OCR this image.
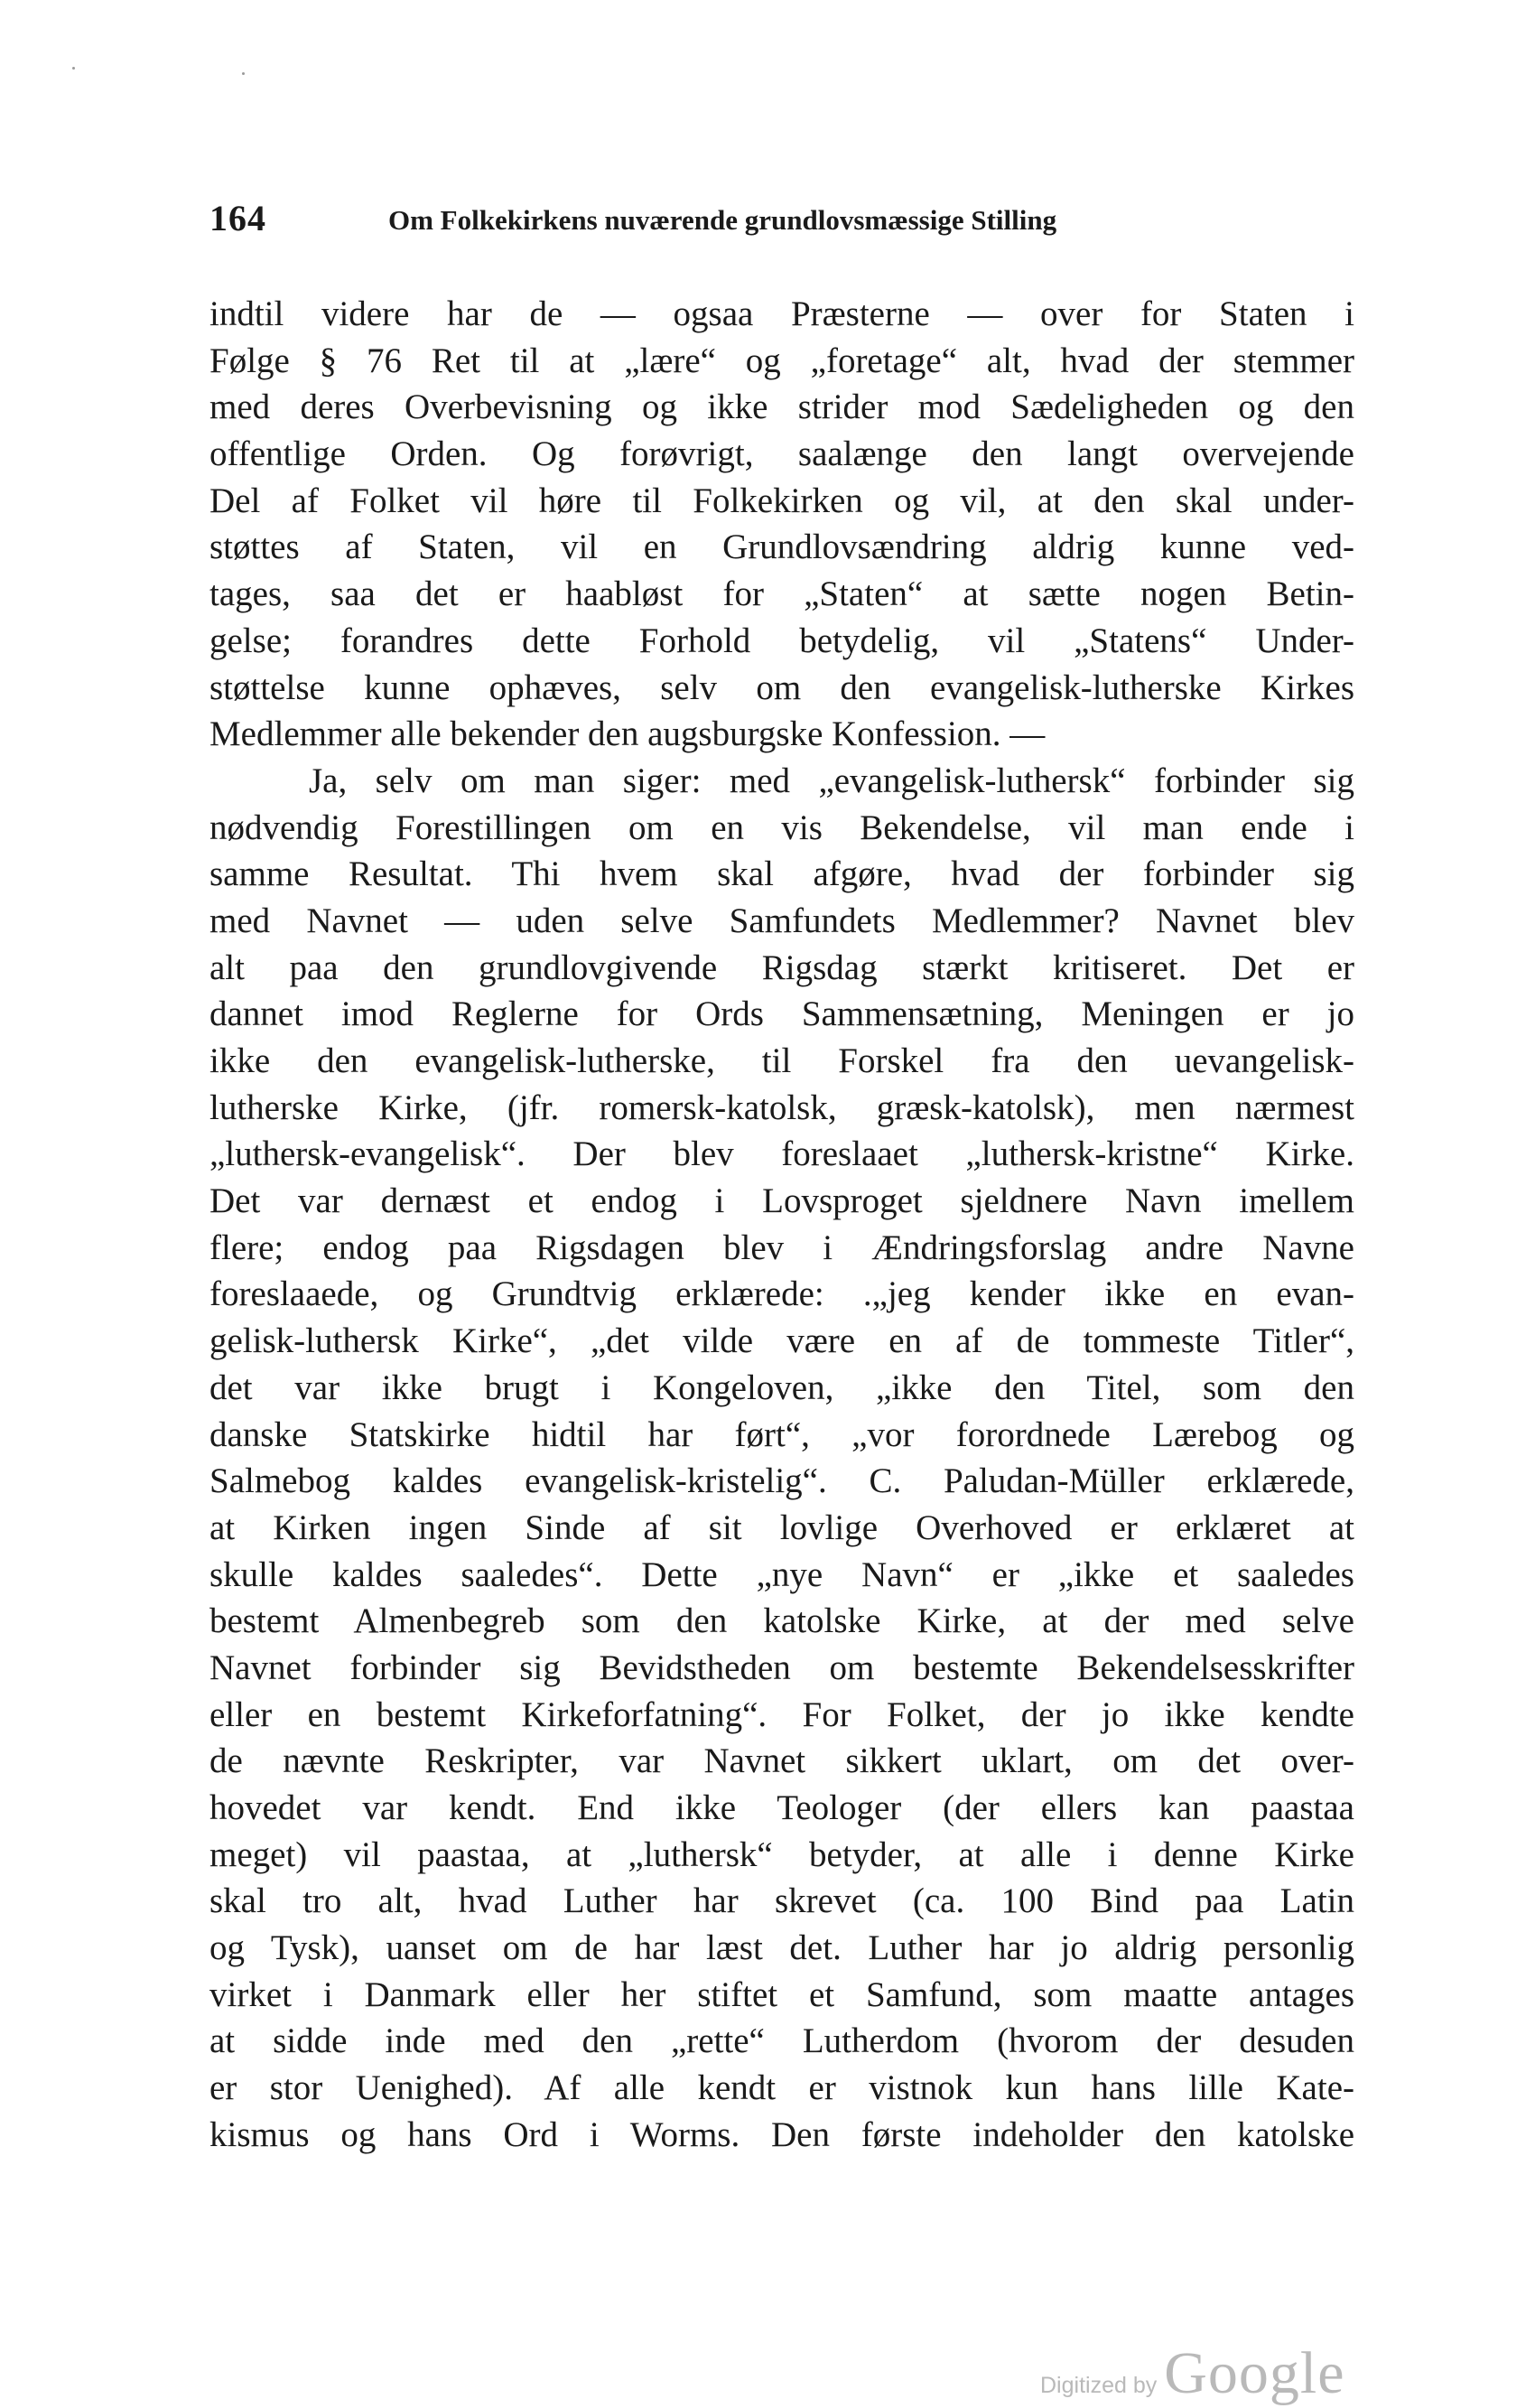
164	Om Folkekirkens nuværende grundlovsmæssige Stilling
indtil videre har de — ogsaa Præsterne — over for Staten i
Følge § 76 Ret til at „lære“ og „foretage“ alt, hvad der stemmer
med deres Overbevisning og ikke strider mod Sædeligheden og den
offentlige Orden. Og forøvrigt, saalænge den langt overvejende
Del af Folket vil høre til Folkekirken og vil, at den skal under-
støttes af Staten, vil en Grundlovsændring aldrig kunne ved-
tages, saa det er haabløst for „Staten“ at sætte nogen Betin-
gelse; forandres dette Forhold betydelig, vil „Statens“ Under-
støttelse kunne ophæves, selv om den evangelisk-lutherske Kirkes
Medlemmer alle bekender den augsburgske Konfession. —
Ja, selv om man siger: med „evangelisk-luthersk“ forbinder sig
nødvendig Forestillingen om en vis Bekendelse, vil man ende i
samme Resultat. Thi hvem skal afgøre, hvad der forbinder sig
med Navnet — uden selve Samfundets Medlemmer? Navnet blev
alt paa den grundlovgivende Rigsdag stærkt kritiseret. Det er
dannet imod Reglerne for Ords Sammensætning, Meningen er jo
ikke den evangelisk-lutherske, til Forskel fra den uevangelisk-
lutherske Kirke, (jfr. romersk-katolsk, græsk-katolsk), men nærmest
„luthersk-evangelisk“. Der blev foreslaaet „luthersk-kristne“ Kirke.
Det var dernæst et endog i Lovsproget sjeldnere Navn imellem
flere; endog paa Rigsdagen blev i Ændringsforslag andre Navne
foreslaaede, og Grundtvig erklærede: .„jeg kender ikke en evan-
gelisk-luthersk Kirke“, „det vilde være en af de tommeste Titler“,
det var ikke brugt i Kongeloven, „ikke den Titel, som den
danske Statskirke hidtil har ført“, „vor forordnede Lærebog og
Salmebog kaldes evangelisk-kristelig“. C. Paludan-Müller erklærede,
at Kirken ingen Sinde af sit lovlige Overhoved er erklæret at
skulle kaldes saaledes“. Dette „nye Navn“ er „ikke et saaledes
bestemt Almenbegreb som den katolske Kirke, at der med selve
Navnet forbinder sig Bevidstheden om bestemte Bekendelsesskrifter
eller en bestemt Kirkeforfatning“. For Folket, der jo ikke kendte
de nævnte Reskripter, var Navnet sikkert uklart, om det over-
hovedet var kendt. End ikke Teologer (der ellers kan paastaa
meget) vil paastaa, at „luthersk“ betyder, at alle i denne Kirke
skal tro alt, hvad Luther har skrevet (ca. 100 Bind paa Latin
og Tysk), uanset om de har læst det. Luther har jo aldrig personlig
virket i Danmark eller her stiftet et Samfund, som maatte antages
at sidde inde med den „rette“ Lutherdom (hvorom der desuden
er stor Uenighed). Af alle kendt er vistnok kun hans lille Kate-
kismus og hans Ord i Worms. Den første indeholder den katolske
Digitized by Google
